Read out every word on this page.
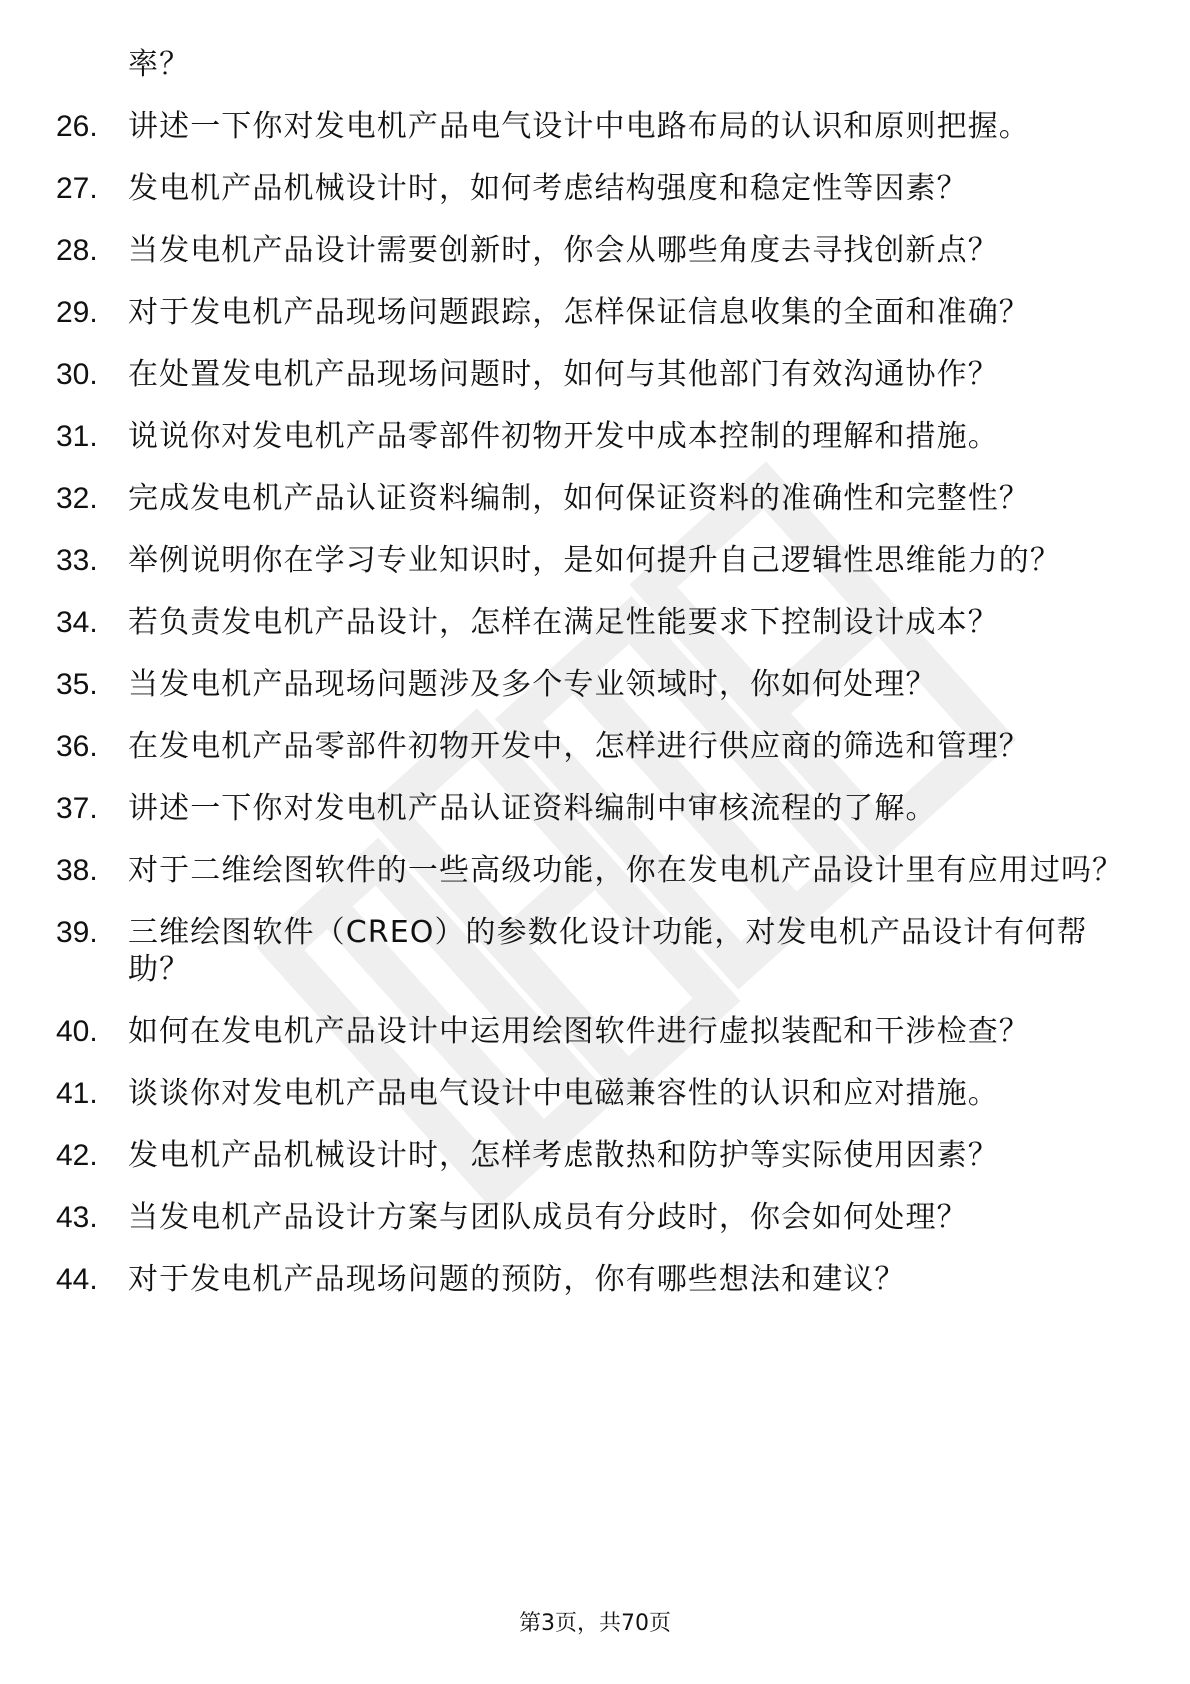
率？
26.	讲述一下你对发电机产品电气设计中电路布局的认识和原则把握。
27.	发电机产品机械设计时，如何考虑结构强度和稳定性等因素？
28.	当发电机产品设计需要创新时，你会从哪些角度去寻找创新点？
29.	对于发电机产品现场问题跟踪，怎样保证信息收集的全面和准确？
30.	在处置发电机产品现场问题时，如何与其他部门有效沟通协作？
31.	说说你对发电机产品零部件初物开发中成本控制的理解和措施。
32.	完成发电机产品认证资料编制，如何保证资料的准确性和完整性？
33.	举例说明你在学习专业知识时，是如何提升自己逻辑性思维能力的？
34.	若负责发电机产品设计，怎样在满足性能要求下控制设计成本？
35.	当发电机产品现场问题涉及多个专业领域时，你如何处理？
36.	在发电机产品零部件初物开发中，怎样进行供应商的筛选和管理？
37.	讲述一下你对发电机产品认证资料编制中审核流程的了解。
38.	对于二维绘图软件的一些高级功能，你在发电机产品设计里有应用过吗？
39.	三维绘图软件（CREO）的参数化设计功能，对发电机产品设计有何帮助？
40.	如何在发电机产品设计中运用绘图软件进行虚拟装配和干涉检查？
41.	谈谈你对发电机产品电气设计中电磁兼容性的认识和应对措施。
42.	发电机产品机械设计时，怎样考虑散热和防护等实际使用因素？
43.	当发电机产品设计方案与团队成员有分歧时，你会如何处理？
44.	对于发电机产品现场问题的预防，你有哪些想法和建议？
第3页，共70页
